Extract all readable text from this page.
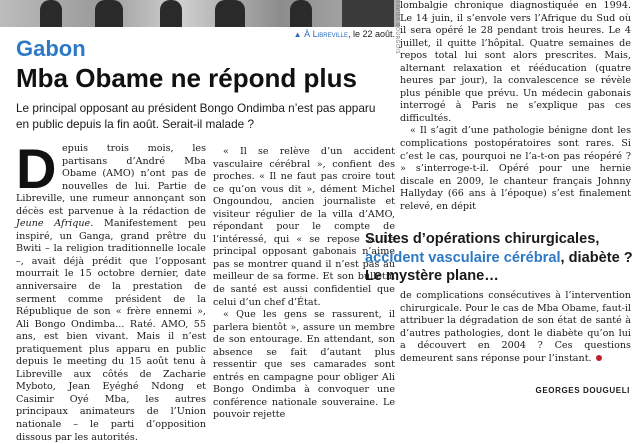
XAVIER BOURGOIS
▲ À Libreville, le 22 août.
Gabon
Mba Obame ne répond plus
Le principal opposant au président Bongo Ondimba n’est pas apparu en public depuis la fin août. Serait-il malade ?
D epuis trois mois, les partisans d’André Mba Obame (AMO) n’ont pas de nouvelles de lui. Partie de Libreville, une rumeur annonçant son décès est parvenue à la rédaction de Jeune Afrique. Manifestement peu inspiré, un Ganga, grand prêtre du Bwiti – la religion traditionnelle locale –, avait déjà prédit que l’opposant mourrait le 15 octobre dernier, date anniversaire de la prestation de serment comme président de la République de son « frère ennemi », Ali Bongo Ondimba... Raté. AMO, 55 ans, est bien vivant. Mais il n’est pratiquement plus apparu en public depuis le meeting du 15 août tenu à Libreville aux côtés de Zacharie Myboto, Jean Eyéghé Ndong et Casimir Oyé Mba, les autres principaux animateurs de l’Union nationale – le parti d’opposition dissous par les autorités.

« Il se relève d’un accident vasculaire cérébral », confient des proches. « Il ne faut pas croire tout ce qu’on vous dit », dément Michel Ongoundou, ancien journaliste et visiteur régulier de la villa d’AMO, répondant pour le compte de l’intéressé, qui « se repose ». Le principal opposant gabonais n’aime pas se montrer quand il n’est pas au meilleur de sa forme. Et son bulletin de santé est aussi confidentiel que celui d’un chef d’État.

« Que les gens se rassurent, il parlera bientôt », assure un membre de son entourage. En attendant, son absence se fait d’autant plus ressentir que ses camarades sont entrés en campagne pour obliger Ali Bongo Ondimba à convoquer une conférence nationale souveraine. Le pouvoir rejette

lombalgie chronique diagnostiquée en 1994. Le 14 juin, il s’envole vers l’Afrique du Sud où il sera opéré le 28 pendant trois heures. Le 4 juillet, il quitte l’hôpital. Quatre semaines de repos total lui sont alors prescrites. Mais, alternant relaxation et rééducation (quatre heures par jour), la convalescence se révèle plus pénible que prévu. Un médecin gabonais interrogé à Paris ne s’explique pas ces difficultés.

« Il s’agit d’une pathologie bénigne dont les complications postopératoires sont rares. Si c’est le cas, pourquoi ne l’a-t-on pas réopéré ? » s’interroge-t-il. Opéré pour une hernie discale en 2009, le chanteur français Johnny Hallyday (66 ans à l’époque) s’est finalement relevé, en dépit

Suites d’opérations chirurgicales,
accident vasculaire cérébral, diabète ? Le mystère plane…

de complications consécutives à l’intervention chirurgicale. Pour le cas de Mba Obame, faut-il attribuer la dégradation de son état de santé à d’autres pathologies, dont le diabète qu’on lui a découvert en 2004 ? Ces questions demeurent sans réponse pour l’instant.

GEORGES DOUGUELI
